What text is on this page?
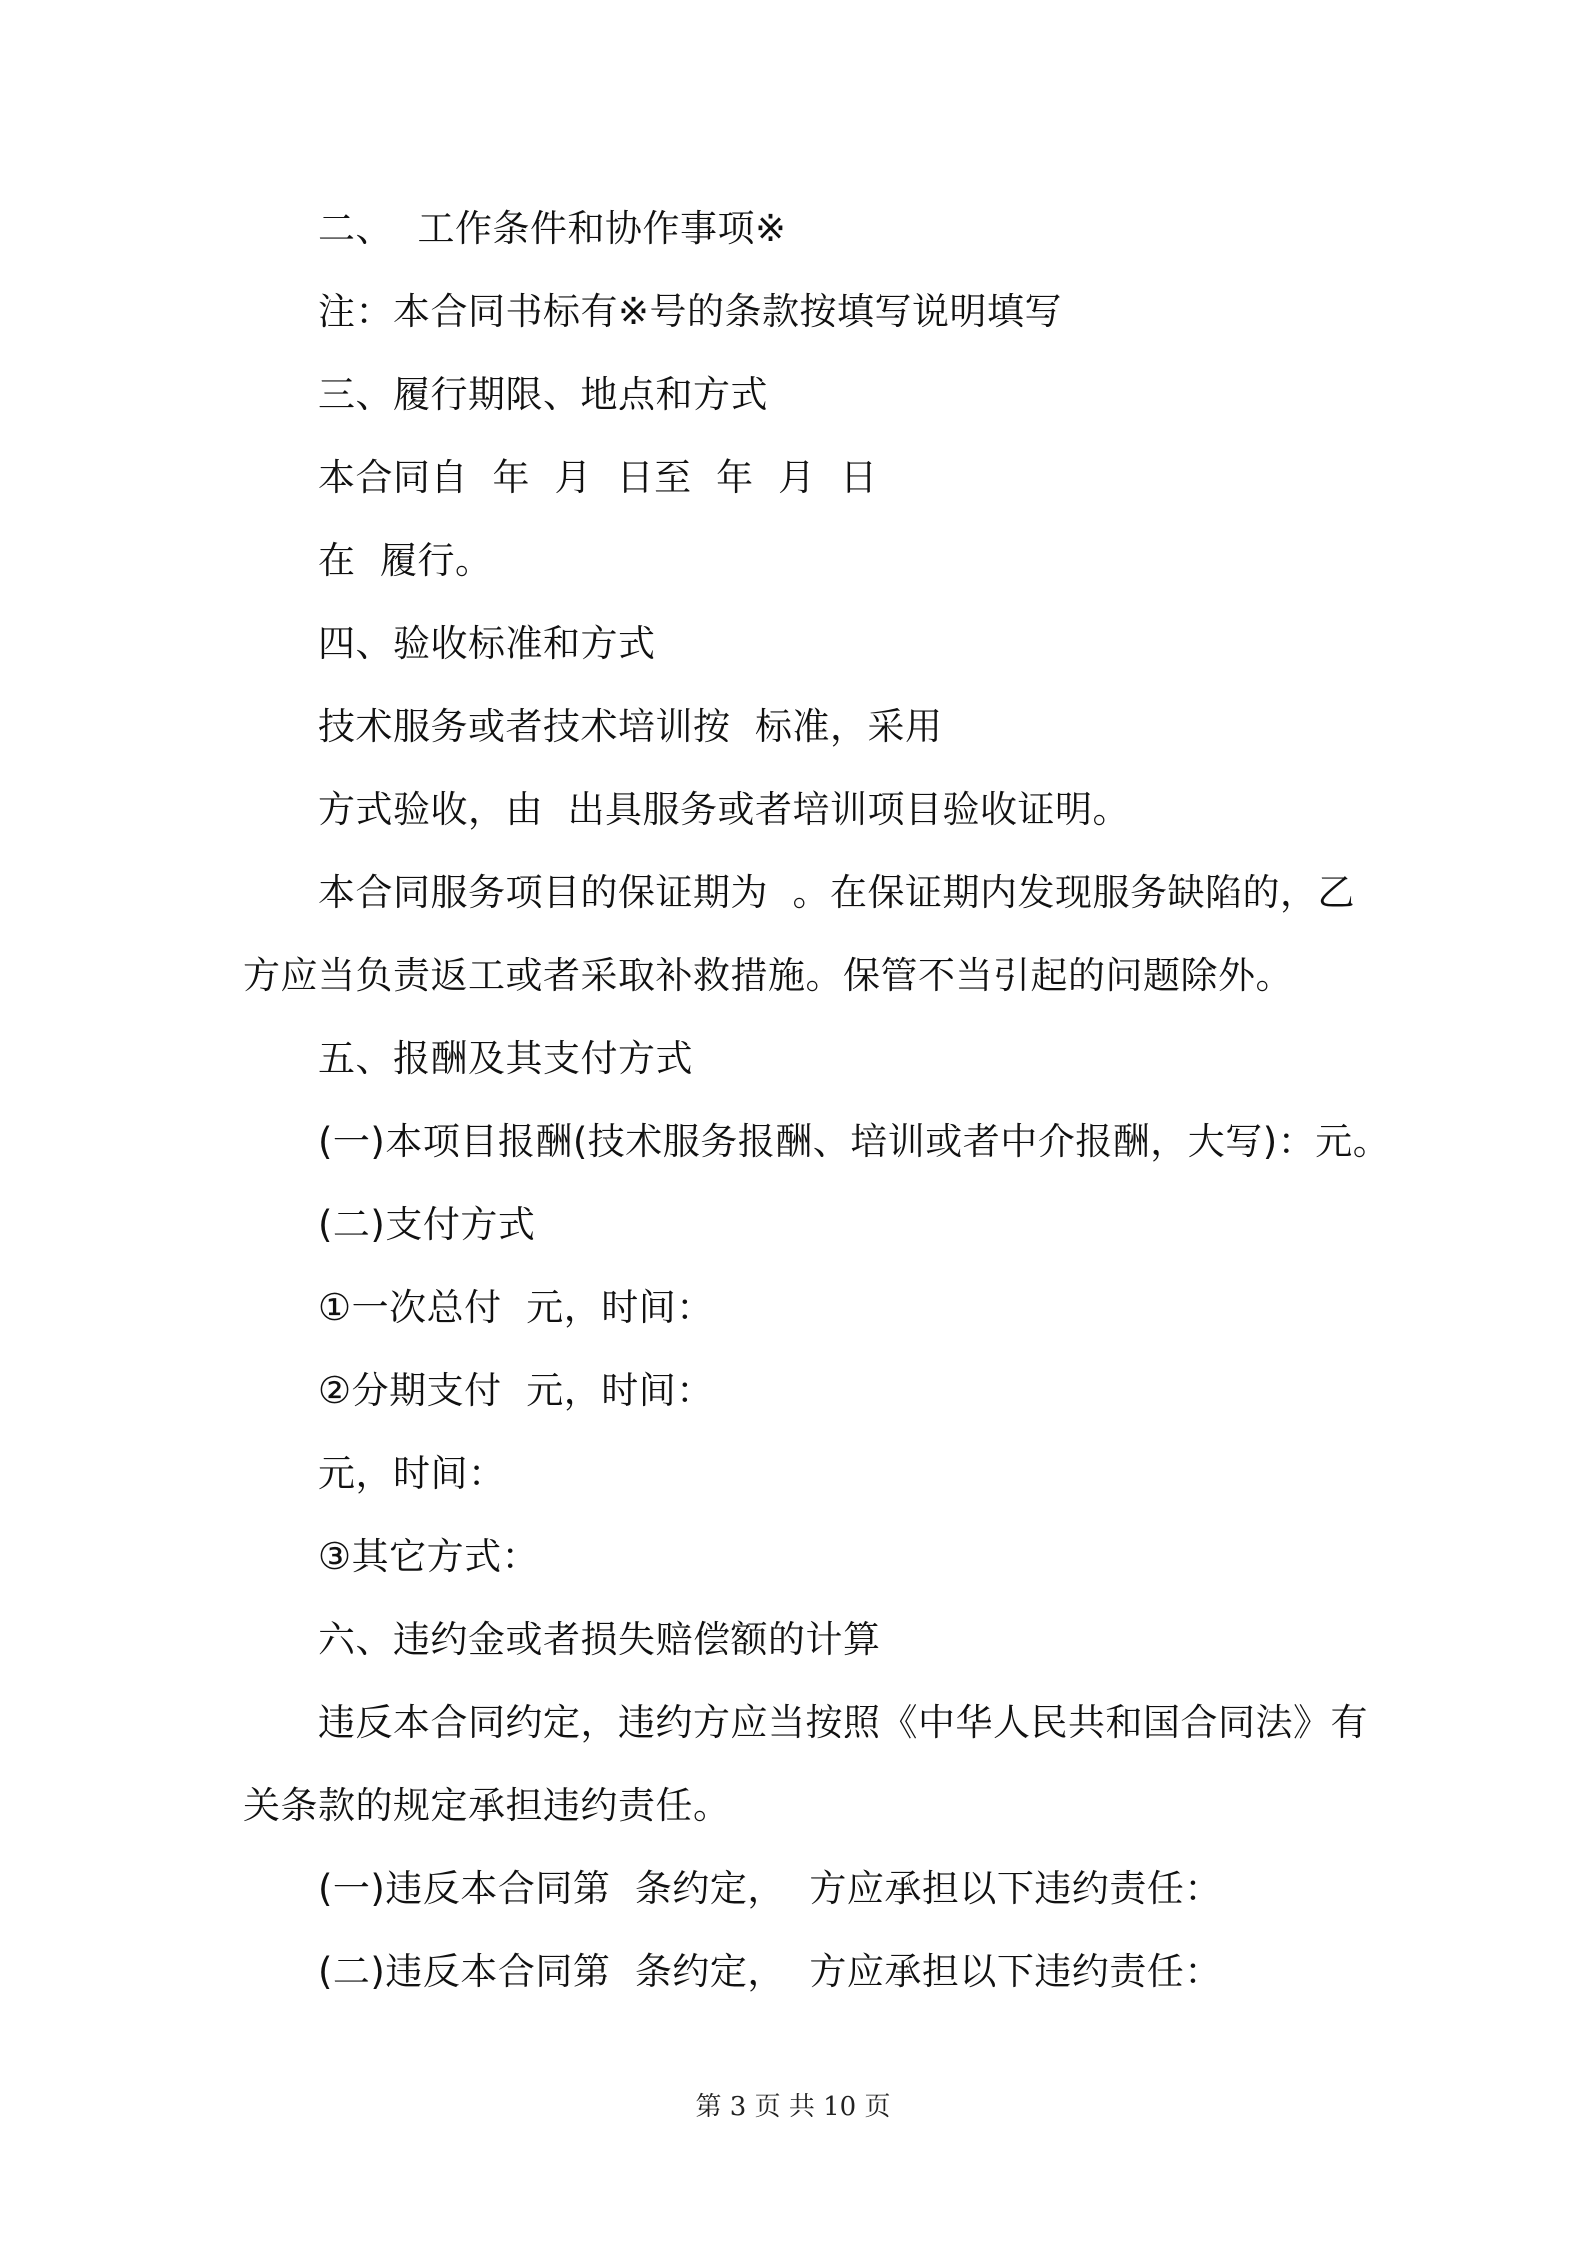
二、  工作条件和协作事项※
注：本合同书标有※号的条款按填写说明填写
三、履行期限、地点和方式
本合同自  年  月  日至  年  月  日
在  履行。
四、验收标准和方式
技术服务或者技术培训按  标准，采用
方式验收，由  出具服务或者培训项目验收证明。
本合同服务项目的保证期为  。在保证期内发现服务缺陷的，乙
方应当负责返工或者采取补救措施。保管不当引起的问题除外。
五、报酬及其支付方式
(一)本项目报酬(技术服务报酬、培训或者中介报酬，大写)：元。
(二)支付方式
①一次总付  元，时间：
②分期支付  元，时间：
元，时间：
③其它方式：
六、违约金或者损失赔偿额的计算
违反本合同约定，违约方应当按照《中华人民共和国合同法》有
关条款的规定承担违约责任。
(一)违反本合同第  条约定，  方应承担以下违约责任：
(二)违反本合同第  条约定，  方应承担以下违约责任：
第 3 页 共 10 页
